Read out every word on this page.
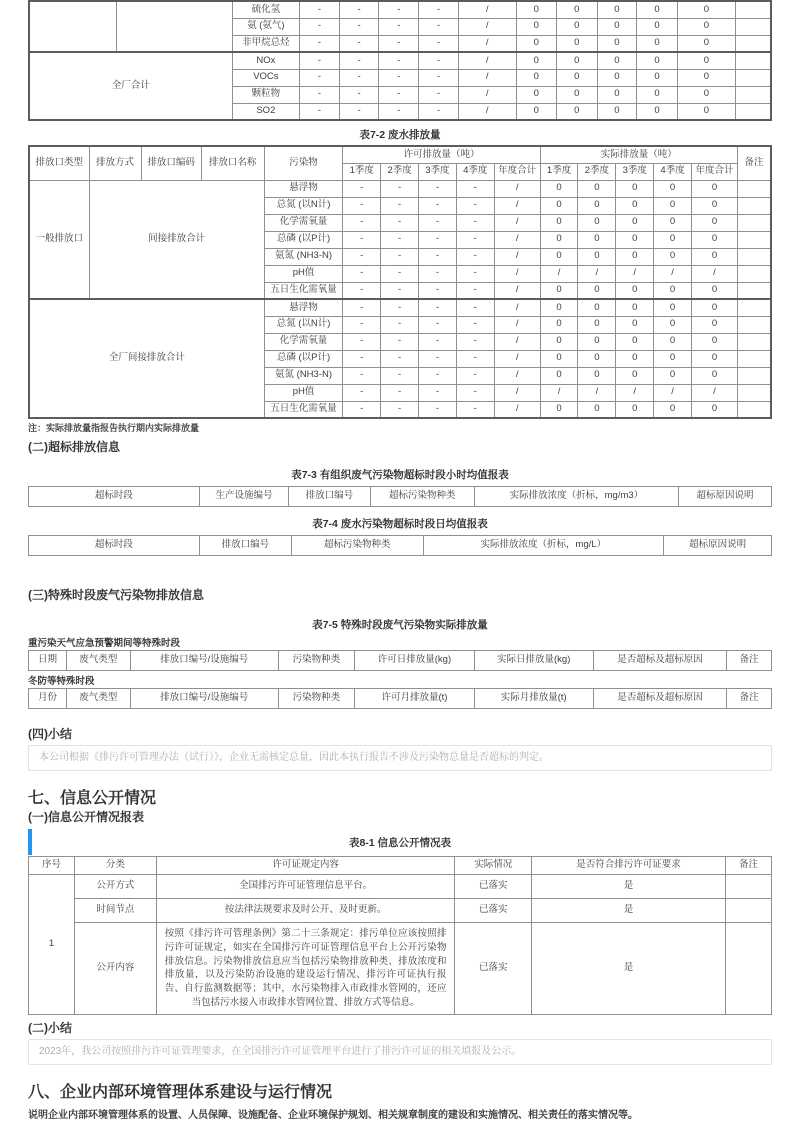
		硫化氢	-	-	-	-	/	0	0	0	0	0	
		氨 (氨气)	-	-	-	-	/	0	0	0	0	0	
		非甲烷总烃	-	-	-	-	/	0	0	0	0	0	
全厂合计		NOx	-	-	-	-	/	0	0	0	0	0	
		VOCs	-	-	-	-	/	0	0	0	0	0	
		颗粒物	-	-	-	-	/	0	0	0	0	0	
		SO2	-	-	-	-	/	0	0	0	0	0	
表7-2 废水排放量
排放口类型	排放方式	排放口编码	排放口名称	污染物	许可排放量（吨）					实际排放量（吨）					备注
					1季度	2季度	3季度	4季度	年度合计	1季度	2季度	3季度	4季度	年度合计	
一般排放口	间接排放合计			悬浮物	-	-	-	-	/	0	0	0	0	0	
				总氮 (以N计)	-	-	-	-	/	0	0	0	0	0	
				化学需氧量	-	-	-	-	/	0	0	0	0	0	
				总磷 (以P计)	-	-	-	-	/	0	0	0	0	0	
				氨氮 (NH3-N)	-	-	-	-	/	0	0	0	0	0	
				pH值	-	-	-	-	/	/	/	/	/	/	
				五日生化需氧量	-	-	-	-	/	0	0	0	0	0	
全厂间接排放合计				悬浮物	-	-	-	-	/	0	0	0	0	0	
				总氮 (以N计)	-	-	-	-	/	0	0	0	0	0	
				化学需氧量	-	-	-	-	/	0	0	0	0	0	
				总磷 (以P计)	-	-	-	-	/	0	0	0	0	0	
				氨氮 (NH3-N)	-	-	-	-	/	0	0	0	0	0	
				pH值	-	-	-	-	/	/	/	/	/	/	
				五日生化需氧量	-	-	-	-	/	0	0	0	0	0	
注：实际排放量指报告执行期内实际排放量
(二)超标排放信息
表7-3 有组织废气污染物超标时段小时均值报表
超标时段	生产设施编号	排放口编号	超标污染物种类	实际排放浓度（折标，mg/m3）	超标原因说明
表7-4 废水污染物超标时段日均值报表
超标时段	排放口编号	超标污染物种类	实际排放浓度（折标，mg/L）	超标原因说明
(三)特殊时段废气污染物排放信息
表7-5 特殊时段废气污染物实际排放量
重污染天气应急预警期间等特殊时段
日期	废气类型	排放口编号/设施编号	污染物种类	许可日排放量(kg)	实际日排放量(kg)	是否超标及超标原因	备注
冬防等特殊时段
月份	废气类型	排放口编号/设施编号	污染物种类	许可月排放量(t)	实际月排放量(t)	是否超标及超标原因	备注
(四)小结
本公司根据《排污许可管理办法（试行）》，企业无需核定总量，因此本执行报告不涉及污染物总量是否超标的判定。
七、信息公开情况
(一)信息公开情况报表
表8-1 信息公开情况表
序号	分类	许可证规定内容	实际情况	是否符合排污许可证要求	备注
1	公开方式	全国排污许可证管理信息平台。	已落实	是	
	时间节点	按法律法规要求及时公开、及时更新。	已落实	是	
	公开内容	按照《排污许可管理条例》第二十三条规定：排污单位应该按照排污许可证规定，如实在全国排污许可证管理信息平台上公开污染物排放信息。污染物排放信息应当包括污染物排放种类、排放浓度和排放量，以及污染防治设施的建设运行情况、排污许可证执行报告、自行监测数据等；其中，水污染物排入市政排水管网的，还应当包括污水接入市政排水管网位置、排放方式等信息。	已落实	是	
(二)小结
2023年，我公司按照排污许可证管理要求，在全国排污许可证管理平台进行了排污许可证的相关填报及公示。
八、企业内部环境管理体系建设与运行情况
说明企业内部环境管理体系的设置、人员保障、设施配备、企业环境保护规划、相关规章制度的建设和实施情况、相关责任的落实情况等。
